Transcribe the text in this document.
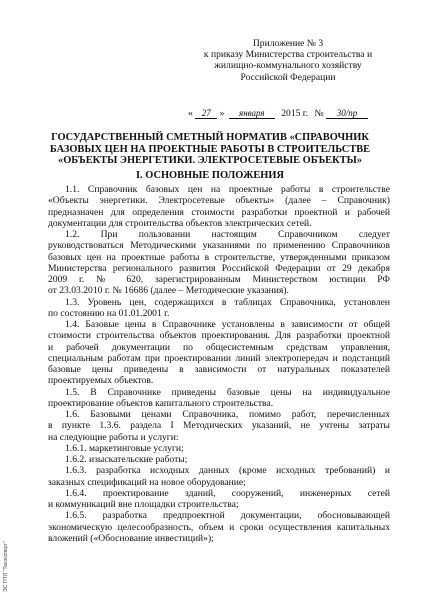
Приложение № 3
к приказу Министерства строительства и
жилищно-коммунального хозяйству
Российской Федерации
« 27 » января 2015 г. № 30/пр
ГОСУДАРСТВЕННЫЙ СМЕТНЫЙ НОРМАТИВ «СПРАВОЧНИК
БАЗОВЫХ ЦЕН НА ПРОЕКТНЫЕ РАБОТЫ В СТРОИТЕЛЬСТВЕ
«ОБЪЕКТЫ ЭНЕРГЕТИКИ. ЭЛЕКТРОСЕТЕВЫЕ ОБЪЕКТЫ»
I. ОСНОВНЫЕ ПОЛОЖЕНИЯ
1.1. Справочник базовых цен на проектные работы в строительстве
«Объекты энергетики. Электросетевые объекты» (далее – Справочник)
предназначен для определения стоимости разработки проектной и рабочей
документации для строительства объектов электрических сетей.
1.2. При пользовании настоящим Справочником следует
руководствоваться Методическими указаниями по применению Справочников
базовых цен на проектные работы в строительстве, утвержденными приказом
Министерства регионального развития Российской Федерации от 29 декабря
2009 г. № 620, зарегистрированным Министерством юстиции РФ
от 23.03.2010 г. № 16686 (далее – Методические указания).
1.3. Уровень цен, содержащихся в таблицах Справочника, установлен
по состоянию на 01.01.2001 г.
1.4. Базовые цены в Справочнике установлены в зависимости от общей
стоимости строительства объектов проектирования. Для разработки проектной
и рабочей документации по общесистемным средствам управления,
специальным работам при проектировании линий электропередач и подстанций
базовые цены приведены в зависимости от натуральных показателей
проектируемых объектов.
1.5. В Справочнике приведены базовые цены на индивидуальное
проектирование объектов капитального строительства.
1.6. Базовыми ценами Справочника, помимо работ, перечисленных
в пункте 1.3.6. раздела I Методических указаний, не учтены затраты
на следующие работы и услуги:
1.6.1. маркетинговые услуги;
1.6.2. изыскательские работы;
1.6.3. разработка исходных данных (кроме исходных требований) и
заказных спецификаций на новое оборудование;
1.6.4. проектирование зданий, сооружений, инженерных сетей
и коммуникаций вне площадки строительства;
1.6.5. разработка предпроектной документации, обосновывающей
экономическую целесообразность, объем и сроки осуществления капитальных
вложений («Обоснование инвестиций»);
ЭС ПТЛ "Техэксперт"
